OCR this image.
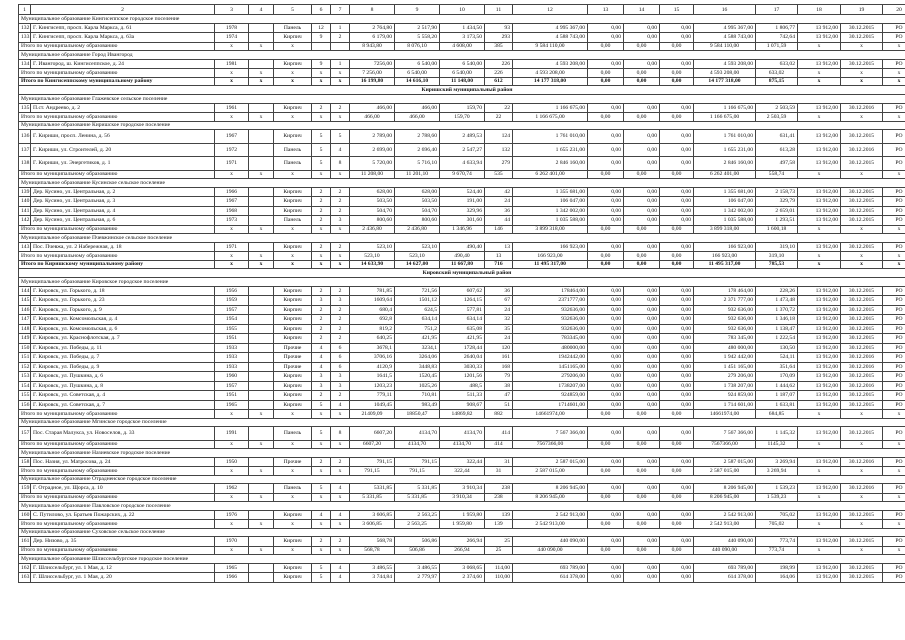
1	2	3	4	5	6	7	8	9	10	11	12	13	14	15	16	17	18	19	20
Муниципальное образование Кингисеппское городское поселение																			
132	Г. Кингисепп, просп. Карла Маркса, д. 61	1978		Панель	12	1	2 764,80	2 517,90	1 434,50	93	4 995 367,00	0,00	0,00	0,00	4 995 367,00	1 806,77	13 912,00	30.12.2015	РО
133	Г. Кингисепп, просп. Карла Маркса, д. 63а	1974		Кирпич	9	2	6 179,00	5 558,20	3 173,50	293	4 588 743,00	0,00	0,00	0,00	4 588 743,00	742,64	13 912,00	30.12.2015	РО
Итого по муниципальному образованию		x	x	x			8 943,80	8 076,10	4 608,00	385	9 584 110,00	0,00	0,00	0,00	9 584 110,00	1 071,59	x	x	x
Муниципальное образование Город Ивангород																			
134	Г. Ивангород, ш. Кингисеппское, д. 24	1981		Кирпич	9	1	7256,00	6 540,00	6 540,00	226	4 593 208,00	0,00	0,00	0,00	4 593 208,00	633,02	13 912,00	30.12.2015	РО
Итого по муниципальному образованию		x	x	x	x	x	7 256,00	6 540,00	6 540,00	226	4 593 208,00	0,00	0,00	0,00	4 593 208,00	633,02	x	x	x
Итого по Кингисеппскому муниципальному району		x	x	x	x	x	16 199,80	14 616,10	11 148,00	612	14 177 318,00	0,00	0,00	0,00	14 177 318,00	875,15	x	x	x
Киришский муниципальный район																			
Муниципальное образование Глажевское сельское поселение																			
135	П.ст. Андреево, д. 2	1961		Кирпич	2	2	466,00	466,00	159,70	22	1 166 675,00	0,00	0,00	0,00	1 166 675,00	2 503,59	13 912,00	30.12.2016	РО
Итого по муниципальному образованию		x	x	x	x	x	466,00	466,00	159,70	22	1 166 675,00	0,00	0,00	0,00	1 166 675,00	2 503,59	x	x	x
Муниципальное образование Киришское городское поселение																			
136	Г. Кириши, просп. Ленина, д. 56	1967		Кирпич	5	5	2 789,00	2 788,60	2 489,53	124	1 761 010,00	0,00	0,00	0,00	1 761 010,00	631,41	13 912,00	30.12.2015	РО
137	Г. Кириши, ул. Строителей, д. 20	1972		Панель	5	4	2 699,00	2 696,40	2 547,27	132	1 655 231,00	0,00	0,00	0,00	1 655 231,00	613,28	13 912,00	30.12.2016	РО
138	Г. Кириши, ул. Энергетиков, д. 1	1971		Панель	5	8	5 720,00	5 716,10	4 633,94	279	2 846 160,00	0,00	0,00	0,00	2 846 160,00	497,58	13 912,00	30.12.2015	РО
Итого по муниципальному образованию		x	x	x	x	x	11 208,00	11 201,10	9 670,74	535	6 262 401,00	0,00	0,00	0,00	6 262 401,00	558,74	x	x	x
Муниципальное образование Кусинское сельское поселение																			
139	Дер. Кусино, ул. Центральная, д. 2	1966		Кирпич	2	2	628,00	628,00	524,40	42	1 355 681,00	0,00	0,00	0,00	1 355 681,00	2 158,73	13 912,00	30.12.2015	РО
140	Дер. Кусино, ул. Центральная, д. 3	1967		Кирпич	2	2	503,50	503,50	191,00	24	106 047,00	0,00	0,00	0,00	106 047,00	329,79	13 912,00	30.12.2015	РО
141	Дер. Кусино, ул. Центральная, д. 4	1968		Кирпич	2	2	504,70	504,70	329,96	36	1 342 002,00	0,00	0,00	0,00	1 342 002,00	2 659,01	13 912,00	30.12.2015	РО
142	Дер. Кусино, ул. Центральная, д. 6	1973		Панель	2	3	800,60	800,60	301,60	44	1 035 588,00	0,00	0,00	0,00	1 035 588,00	1 293,51	13 912,00	30.12.2015	РО
Итого по муниципальному образованию		x	x	x	x	x	2 436,80	2 436,80	1 346,96	146	3 899 318,00	0,00	0,00	0,00	3 899 318,00	1 600,18	x	x	x
Муниципальное образование Пчевжинское сельское поселение																			
143	Пос. Пчевжа, ул. 2 Набережная, д. 18	1971		Кирпич	2	2	523,10	523,10	490,40	13	166 923,00	0,00	0,00	0,00	166 923,00	319,10	13 912,00	30.12.2015	РО
Итого по муниципальному образованию		x	x	x	x	x	523,10	523,10	490,40	13	166 923,00	0,00	0,00	0,00	166 923,00	319,10	x	x	x
Итого по Киришскому муниципальному району		x	x	x	x	x	14 633,90	14 627,00	11 667,80	716	11 495 317,00	0,00	0,00	0,00	11 495 317,00	785,53	x	x	x
Кировский муниципальный район																			
Муниципальное образование Кировское городское поселение																			
144	Г. Кировск, ул. Горького, д. 18	1956		Кирпич	2	2	781,85	721,56	607,62	36	178464,00	0,00	0,00	0,00	178 464,00	228,26	13 912,00	30.12.2015	РО
145	Г. Кировск, ул. Горького, д. 23	1959		Кирпич	3	3	1609,64	1501,12	1264,15	67	2371777,00	0,00	0,00	0,00	2 371 777,00	1 473,48	13 912,00	30.12.2015	РО
146	Г. Кировск, ул. Горького, д. 9	1957		Кирпич	2	2	680,4	624,5	577,81	24	932636,00	0,00	0,00	0,00	932 636,00	1 370,72	13 912,00	30.12.2015	РО
147	Г. Кировск, ул. Комсомольская, д. 4	1954		Кирпич	2	2	692,8	634,14	634,14	32	932636,00	0,00	0,00	0,00	932 636,00	1 346,18	13 912,00	30.12.2015	РО
148	Г. Кировск, ул. Комсомольская, д. 6	1955		Кирпич	2	2	819,2	751,2	635,08	35	932636,00	0,00	0,00	0,00	932 636,00	1 138,47	13 912,00	30.12.2015	РО
149	Г. Кировск, ул. Краснофлотская, д. 7	1951		Кирпич	2	2	640,25	421,95	421,95	24	783345,00	0,00	0,00	0,00	783 345,00	1 222,54	13 912,00	30.12.2015	РО
150	Г. Кировск, ул. Победы, д. 11	1933		Прочие	4	6	3678,1	3234,1	1728,44	120	480000,00	0,00	0,00	0,00	480 000,00	130,50	13 912,00	30.12.2015	РО
151	Г. Кировск, ул. Победы, д. 7	1933		Прочие	4	6	3706,16	3264,06	2640,04	161	1942442,00	0,00	0,00	0,00	1 942 442,00	524,11	13 912,00	30.12.2016	РО
152	Г. Кировск, ул. Победы, д. 9	1933		Прочие	4	6	4120,9	3448,83	3030,33	168	1451165,00	0,00	0,00	0,00	1 451 165,00	351,64	13 912,00	30.12.2016	РО
153	Г. Кировск, ул. Пушкина, д. 6	1960		Кирпич	3	3	1641,5	1520,45	1201,56	79	279206,00	0,00	0,00	0,00	279 206,00	170,09	13 912,00	30.12.2015	РО
154	Г. Кировск, ул. Пушкина, д. 8	1957		Кирпич	3	3	1203,23	1025,26	488,5	38	1738207,00	0,00	0,00	0,00	1 738 207,00	1 444,62	13 912,00	30.12.2016	РО
155	Г. Кировск, ул. Советская, д. 4	1951		Кирпич	2	2	779,11	710,81	511,33	47	924859,00	0,00	0,00	0,00	924 859,00	1 187,07	13 912,00	30.12.2015	РО
156	Г. Кировск, ул. Советская, д. 7	1965		Кирпич	5	4	1049,45	983,49	908,67	51	1714601,00	0,00	0,00	0,00	1 714 601,00	1 633,81	13 912,00	30.12.2015	РО
Итого по муниципальному образованию		x	x	x	x	x	21409,09	18850,47	14869,82	882	14661974,00	0,00	0,00	0,00	14661974,00	684,85	x	x	x
Муниципальное образование Мгинское городское поселение																			
157	Пос. Старая Малукса, ул. Новоселов, д. 33	1991		Панель	5	8	6607,20	4134,70	4134,70	414	7 567 366,00	0,00	0,00	0,00	7 567 366,00	1 145,32	13 912,00	30.12.2015	РО
Итого по муниципальному образованию		x	x	x	x	x	6607,20	4134,70	4134,70	414	7567366,00	0,00	0,00	0,00	7567366,00	1145,32	x	x	x
Муниципальное образование Назиевское городское поселение																			
158	Пос. Назия, ул. Матросова, д. 24	1950		Прочие	2	2	791,15	791,15	322,44	31	2 587 015,00	0,00	0,00	0,00	2 587 015,00	3 269,94	13 912,00	30.12.2016	РО
Итого по муниципальному образованию		x	x	x	x	x	791,15	791,15	322,44	31	2 587 015,00	0,00	0,00	0,00	2 587 015,00	3 269,94	x	x	x
Муниципальное образование Отрадненское городское поселение																			
159	Г. Отрадное, ул. Щорса, д. 10	1962		Панель	5	4	5331,85	5 331,85	3 910,34	238	8 206 945,00	0,00	0,00	0,00	8 206 945,00	1 539,23	13 912,00	30.12.2016	РО
Итого по муниципальному образованию		x	x	x	x	x	5 331,85	5 331,85	3 910,34	238	8 206 945,00	0,00	0,00	0,00	8 206 945,00	1 539,23	x	x	x
Муниципальное образование Павловское городское поселение																			
160	С. Путилово, ул. Братьев Пожарских, д. 22	1976		Кирпич	4	4	3 606,85	2 563,25	1 959,80	139	2 542 913,00	0,00	0,00	0,00	2 542 913,00	705,02	13 912,00	30.12.2015	РО
Итого по муниципальному образованию		x	x	x	x	x	3 606,85	2 563,25	1 959,80	139	2 542 913,00	0,00	0,00	0,00	2 542 913,00	705,02	x	x	x
Муниципальное образование Суховское сельское поселение																			
161	Дер. Низово, д. 35	1970		Кирпич	2	2	568,78	506,86	266,94	25	440 090,00	0,00	0,00	0,00	440 090,00	773,74	13 912,00	30.12.2015	РО
Итого по муниципальному образованию		x	x	x	x	x	568,78	506,86	266,94	25	440 090,00	0,00	0,00	0,00	440 090,00	773,74	x	x	x
Муниципальное образование Шлиссельбургское городское поселение																			
162	Г. Шлиссельбург, ул. 1 Мая, д. 12	1965		Кирпич	5	4	3 486,55	3 486,55	3 068,65	114,00	693 789,00	0,00	0,00	0,00	693 789,00	198,99	13 912,00	30.12.2015	РО
163	Г. Шлиссельбург, ул. 1 Мая, д. 20	1966		Кирпич	5	4	3 744,84	2 779,97	2 374,60	110,00	614 378,00	0,00	0,00	0,00	614 378,00	164,06	13 912,00	30.12.2015	РО
